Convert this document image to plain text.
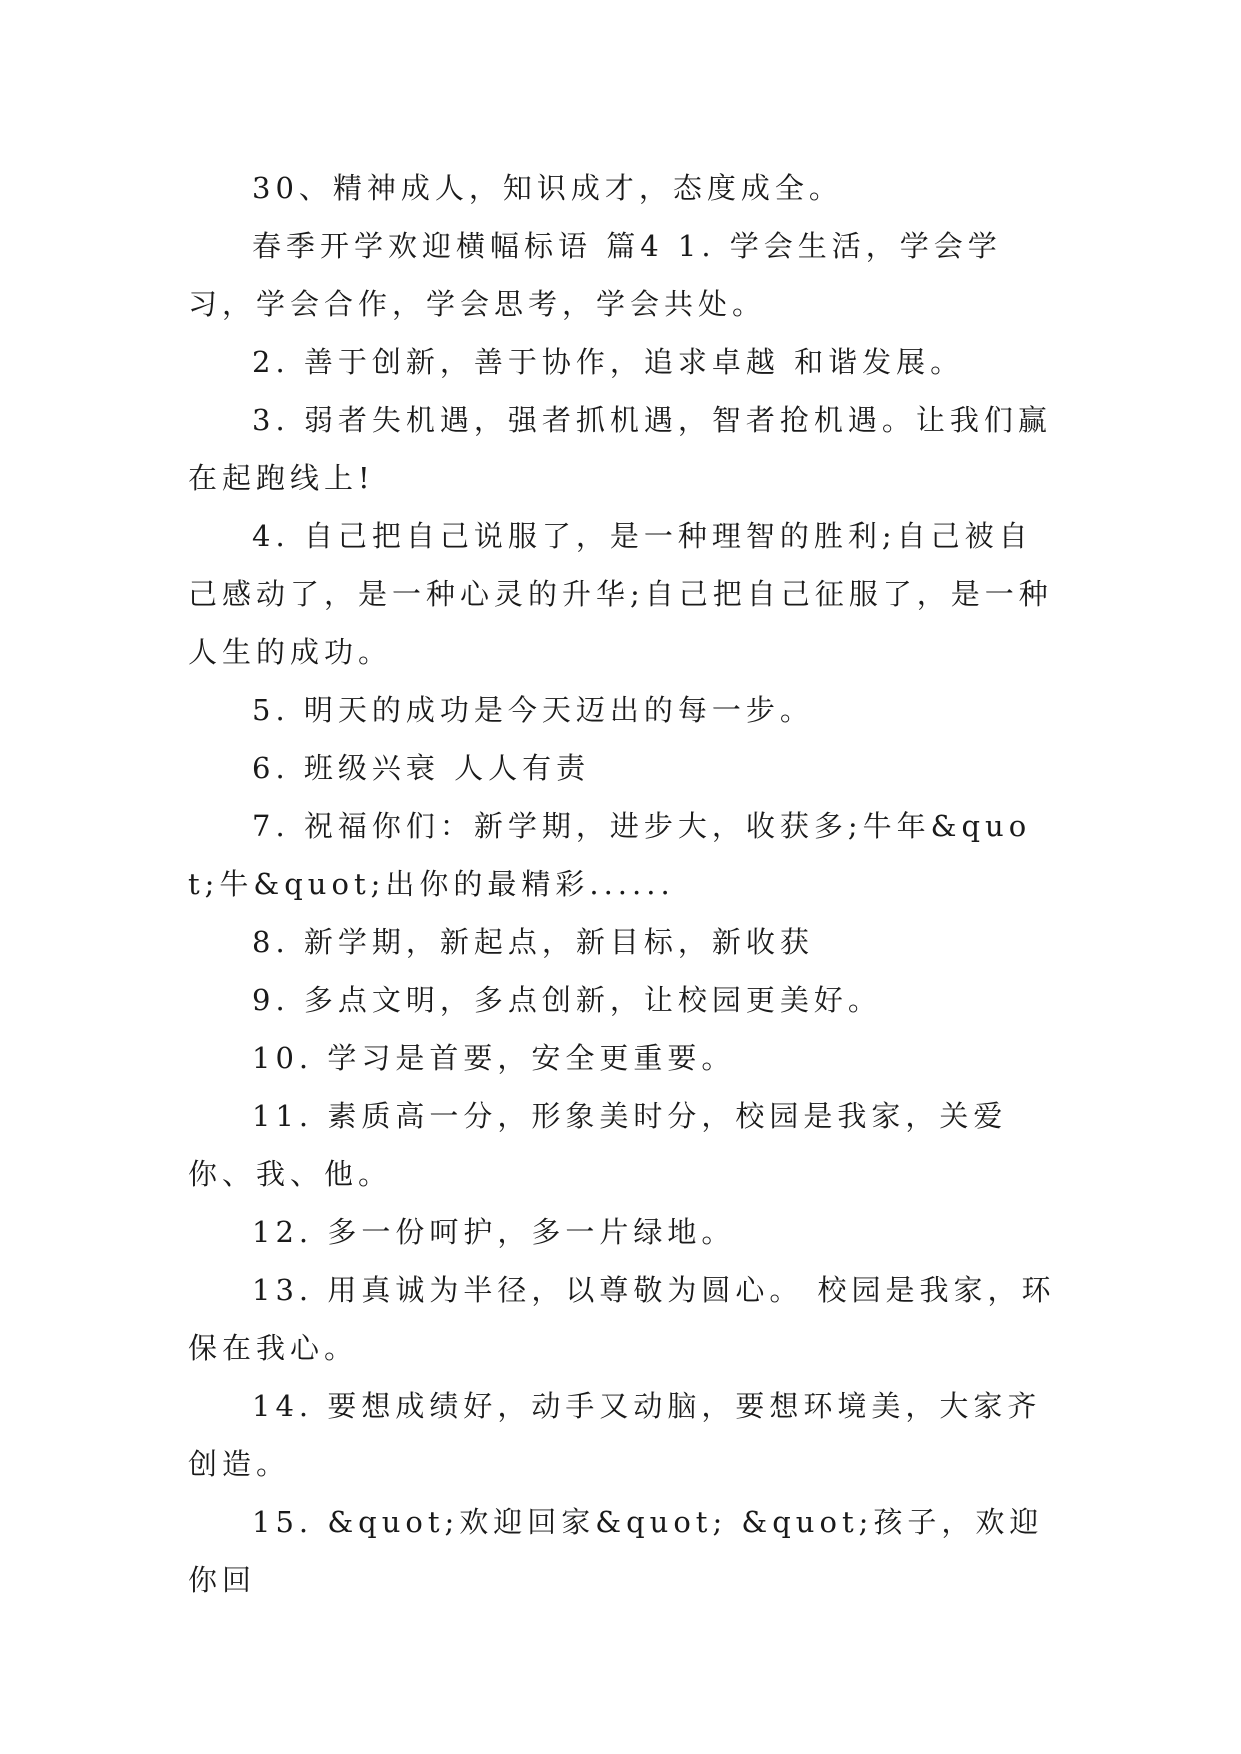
30、精神成人，知识成才，态度成全。

春季开学欢迎横幅标语 篇4 1. 学会生活，学会学习，学会合作，学会思考，学会共处。

2. 善于创新，善于协作，追求卓越 和谐发展。

3. 弱者失机遇，强者抓机遇，智者抢机遇。让我们赢在起跑线上!

4. 自己把自己说服了，是一种理智的胜利;自己被自己感动了，是一种心灵的升华;自己把自己征服了，是一种人生的成功。

5. 明天的成功是今天迈出的每一步。

6. 班级兴衰 人人有责

7. 祝福你们：新学期，进步大，收获多;牛年&quot;牛&quot;出你的最精彩......

8. 新学期，新起点，新目标，新收获

9. 多点文明，多点创新，让校园更美好。

10. 学习是首要，安全更重要。

11. 素质高一分，形象美时分，校园是我家，关爱你、我、他。

12. 多一份呵护，多一片绿地。

13. 用真诚为半径，以尊敬为圆心。 校园是我家，环保在我心。

14. 要想成绩好，动手又动脑，要想环境美，大家齐创造。

15. &quot;欢迎回家&quot; &quot;孩子，欢迎你回
